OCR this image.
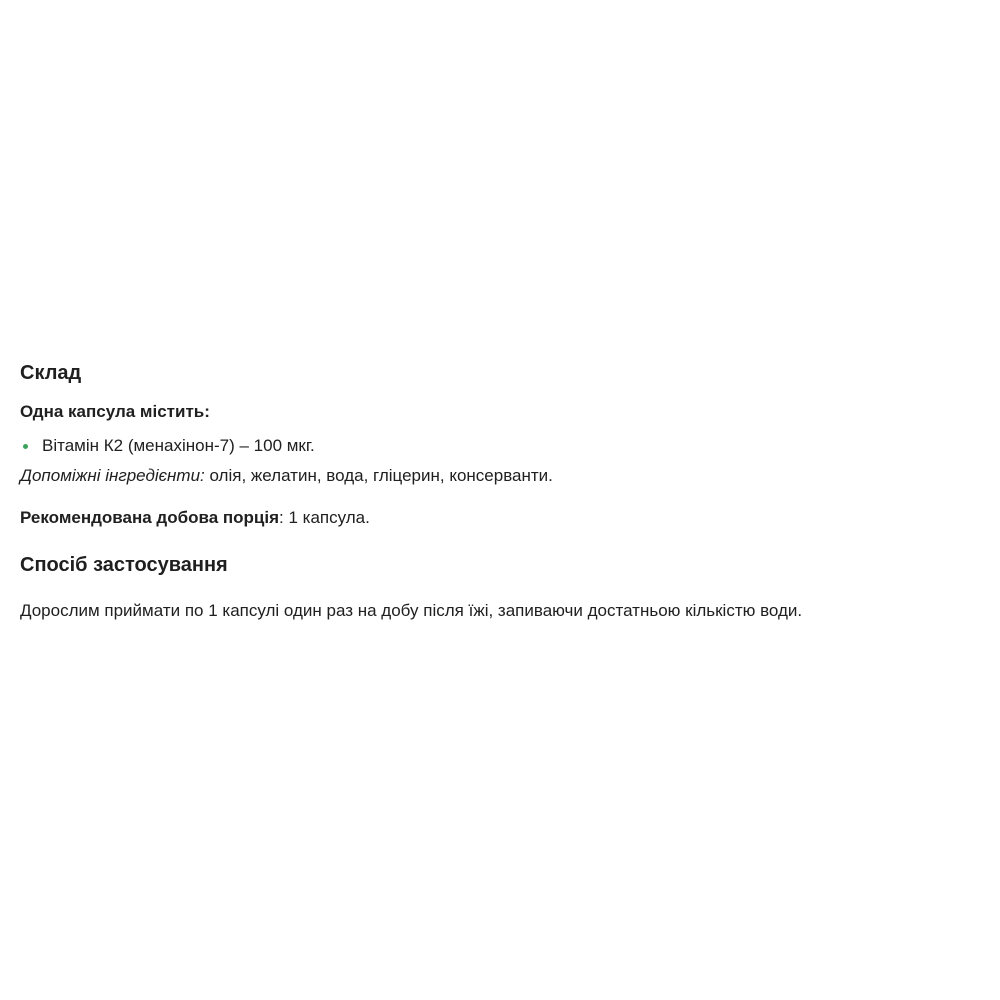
Склад

Одна капсула містить:

Вітамін К2 (менахінон-7) – 100 мкг.

Допоміжні інгредієнти: олія, желатин, вода, гліцерин, консерванти.

Рекомендована добова порція: 1 капсула.

Спосіб застосування

Дорослим приймати по 1 капсулі один раз на добу після їжі, запиваючи достатньою кількістю води.
